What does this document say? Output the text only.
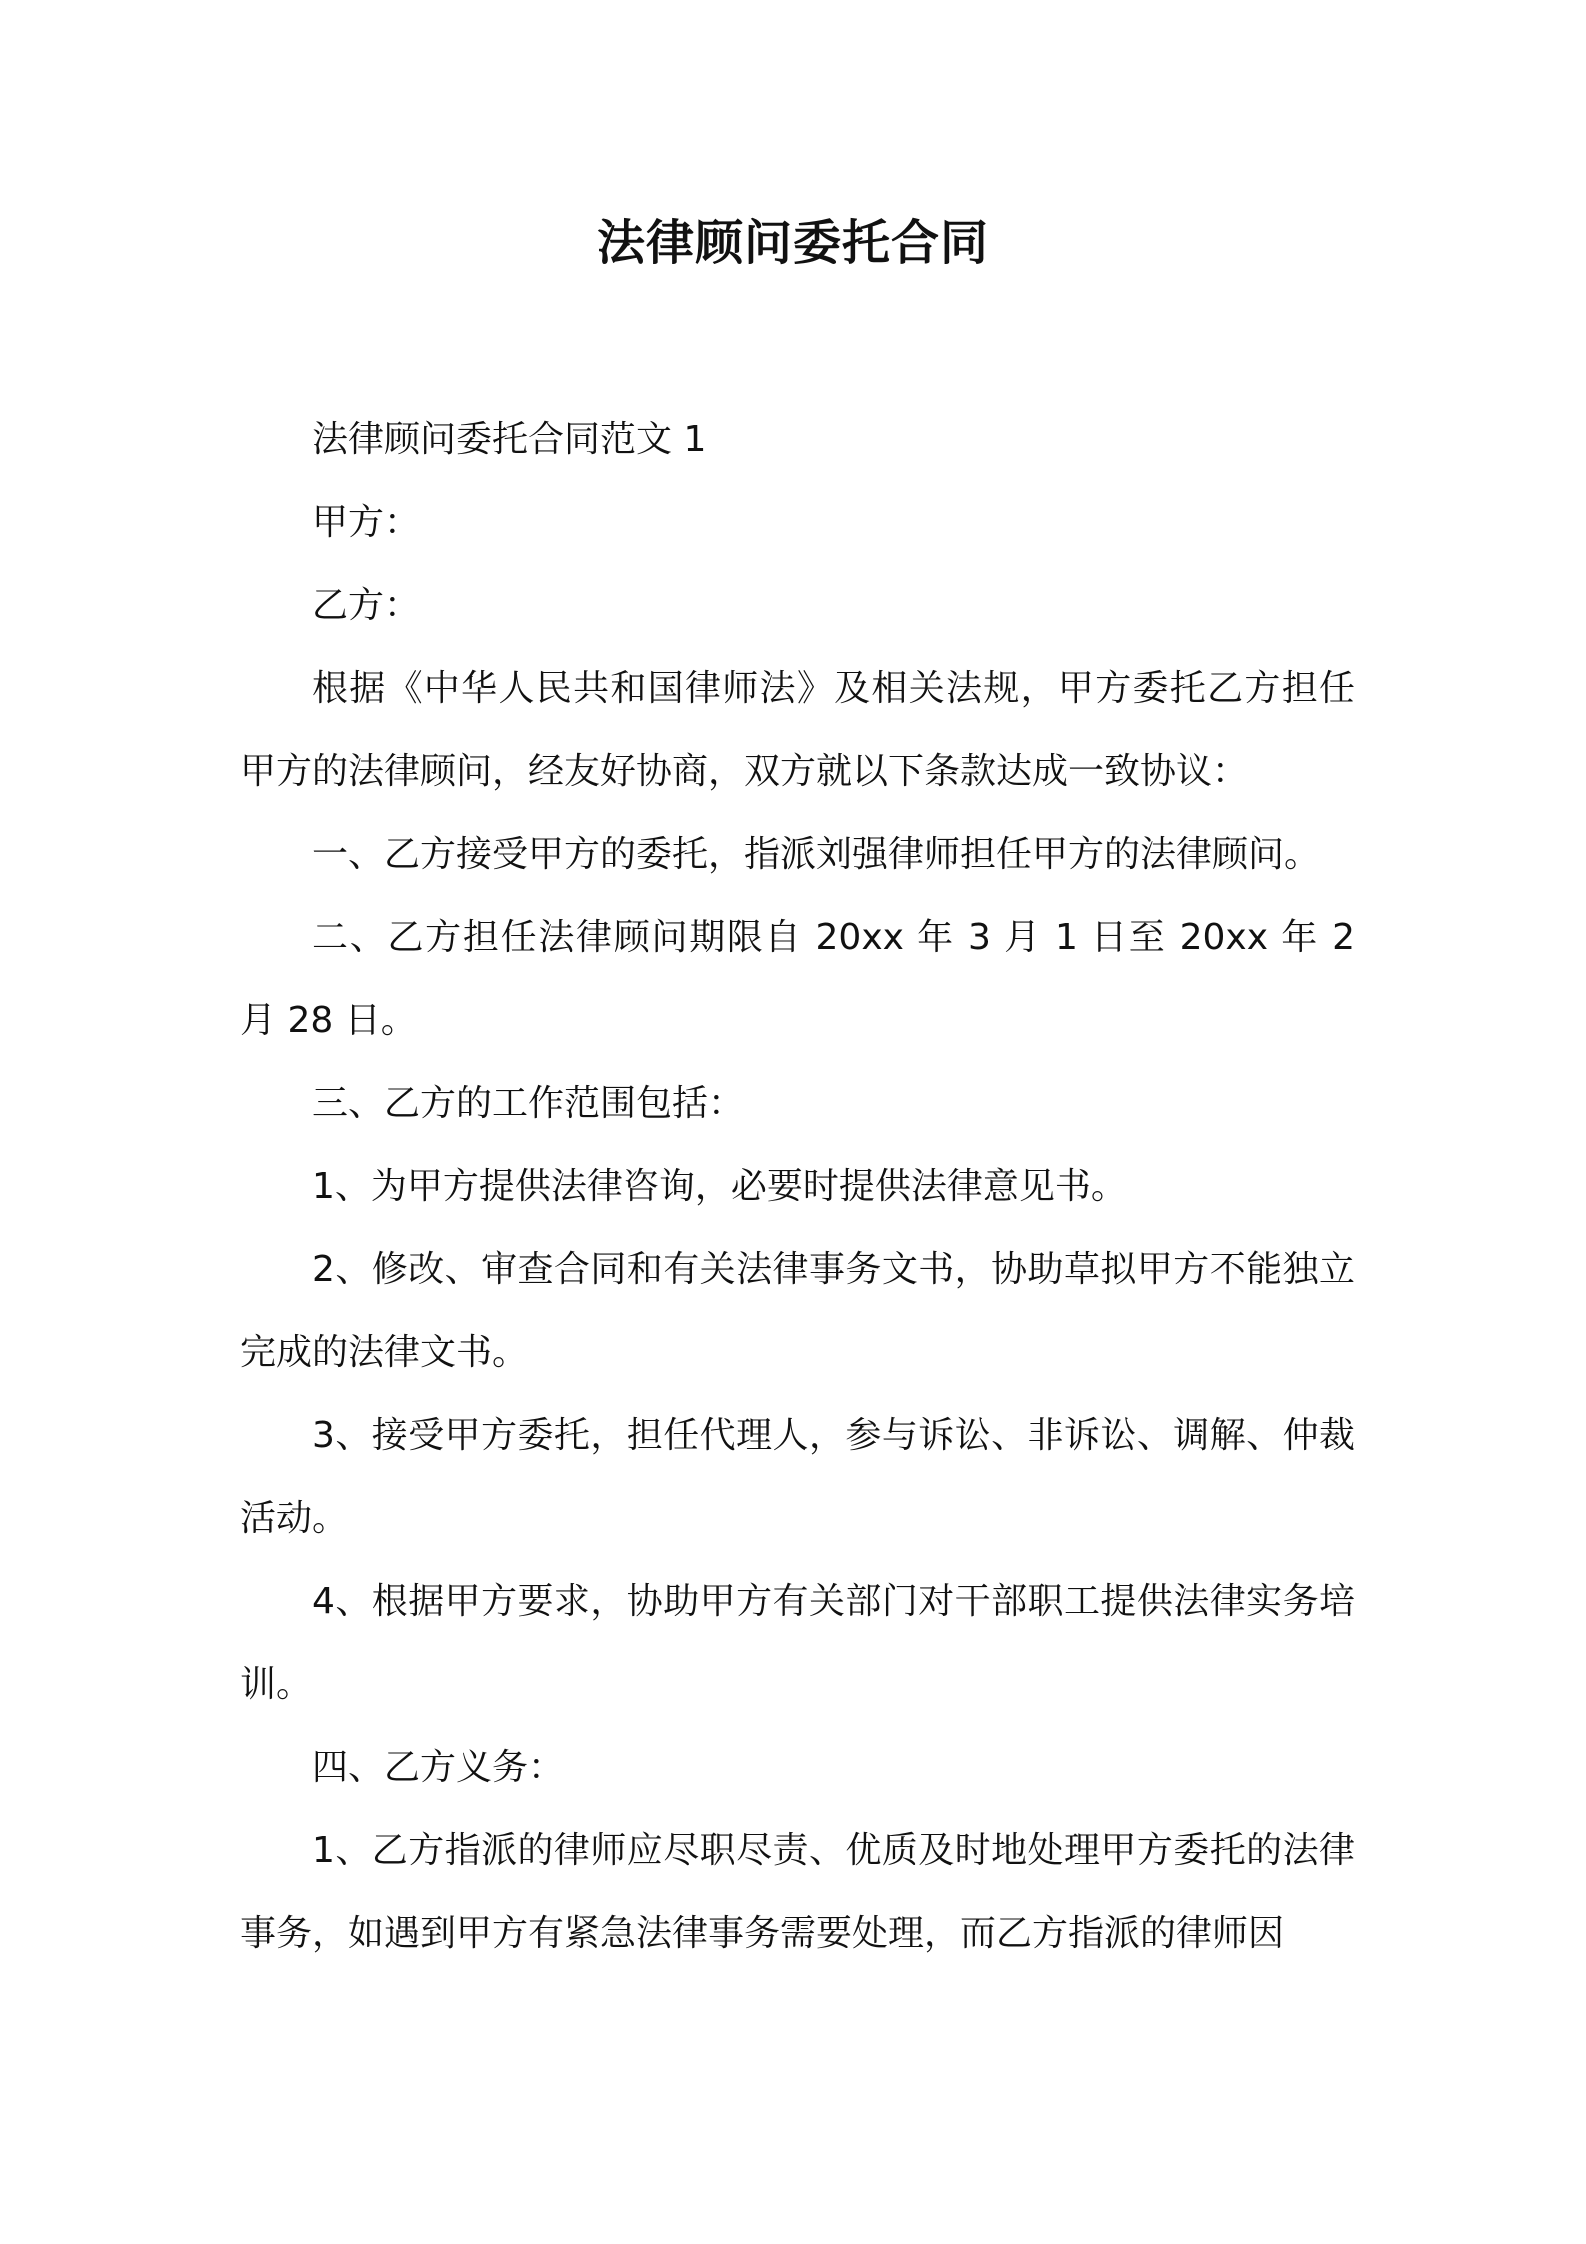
法律顾问委托合同

法律顾问委托合同范文 1

甲方：

乙方：

根据《中华人民共和国律师法》及相关法规，甲方委托乙方担任甲方的法律顾问，经友好协商，双方就以下条款达成一致协议：

一、乙方接受甲方的委托，指派刘强律师担任甲方的法律顾问。

二、乙方担任法律顾问期限自 20xx 年 3 月 1 日至 20xx 年 2 月 28 日。

三、乙方的工作范围包括：

1、为甲方提供法律咨询，必要时提供法律意见书。

2、修改、审查合同和有关法律事务文书，协助草拟甲方不能独立完成的法律文书。

3、接受甲方委托，担任代理人，参与诉讼、非诉讼、调解、仲裁活动。

4、根据甲方要求，协助甲方有关部门对干部职工提供法律实务培训。

四、乙方义务：

1、乙方指派的律师应尽职尽责、优质及时地处理甲方委托的法律事务，如遇到甲方有紧急法律事务需要处理，而乙方指派的律师因
